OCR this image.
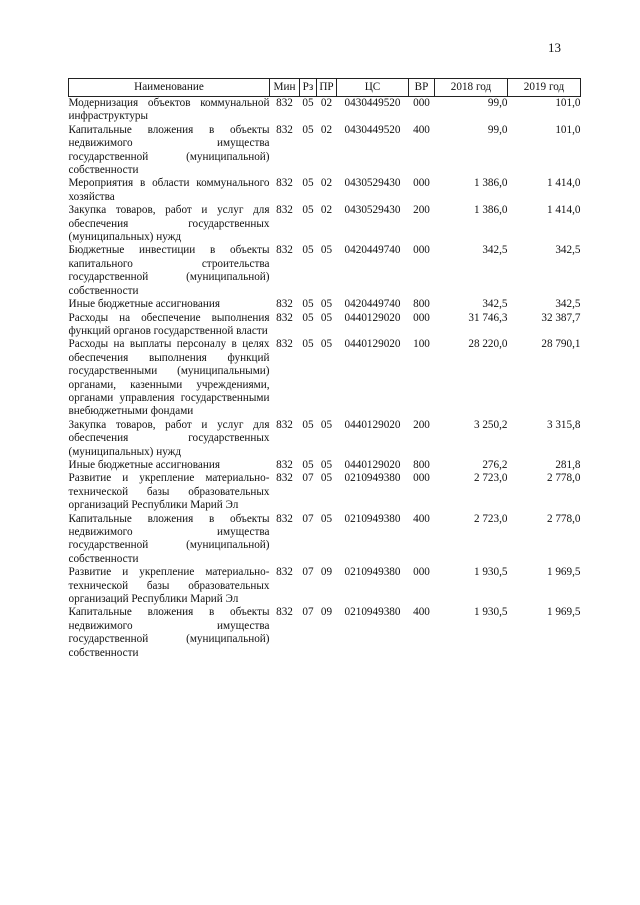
13
Наименование	Мин	Рз	ПР	ЦС	ВР	2018 год	2019 год
Модернизация объектов коммунальной инфраструктуры	832	05	02	0430449520	000	99,0	101,0
Капитальные вложения в объекты недвижимого имущества государственной (муниципальной) собственности	832	05	02	0430449520	400	99,0	101,0
Мероприятия в области коммунального хозяйства	832	05	02	0430529430	000	1 386,0	1 414,0
Закупка товаров, работ и услуг для обеспечения государственных (муниципальных) нужд	832	05	02	0430529430	200	1 386,0	1 414,0
Бюджетные инвестиции в объекты капитального строительства государственной (муниципальной) собственности	832	05	05	0420449740	000	342,5	342,5
Иные бюджетные ассигнования	832	05	05	0420449740	800	342,5	342,5
Расходы на обеспечение выполнения функций органов государственной власти	832	05	05	0440129020	000	31 746,3	32 387,7
Расходы на выплаты персоналу в целях обеспечения выполнения функций государственными (муниципальными) органами, казенными учреждениями, органами управления государственными внебюджетными фондами	832	05	05	0440129020	100	28 220,0	28 790,1
Закупка товаров, работ и услуг для обеспечения государственных (муниципальных) нужд	832	05	05	0440129020	200	3 250,2	3 315,8
Иные бюджетные ассигнования	832	05	05	0440129020	800	276,2	281,8
Развитие и укрепление материально-технической базы образовательных организаций Республики Марий Эл	832	07	05	0210949380	000	2 723,0	2 778,0
Капитальные вложения в объекты недвижимого имущества государственной (муниципальной) собственности	832	07	05	0210949380	400	2 723,0	2 778,0
Развитие и укрепление материально-технической базы образовательных организаций Республики Марий Эл	832	07	09	0210949380	000	1 930,5	1 969,5
Капитальные вложения в объекты недвижимого имущества государственной (муниципальной) собственности	832	07	09	0210949380	400	1 930,5	1 969,5
